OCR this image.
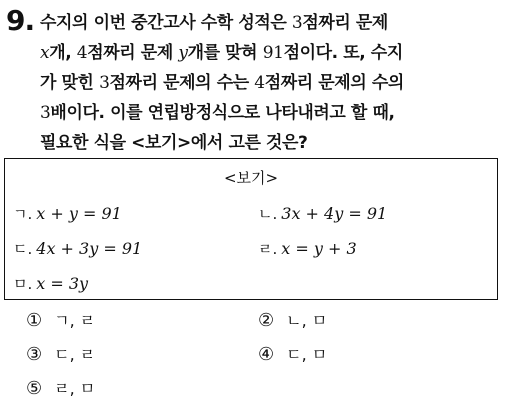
9. 수지의 이번 중간고사 수학 성적은 3점짜리 문제
x개, 4점짜리 문제 y개를 맞혀 91점이다. 또, 수지
가 맞힌 3점짜리 문제의 수는 4점짜리 문제의 수의
3배이다. 이를 연립방정식으로 나타내려고 할 때,
필요한 식을 <보기>에서 고른 것은?
<보기>
ㄱ. x + y = 91	ㄴ. 3x + 4y = 91
ㄷ. 4x + 3y = 91	ㄹ. x = y + 3
ㅁ. x = 3y
① ㄱ, ㄹ	② ㄴ, ㅁ
③ ㄷ, ㄹ	④ ㄷ, ㅁ
⑤ ㄹ, ㅁ
